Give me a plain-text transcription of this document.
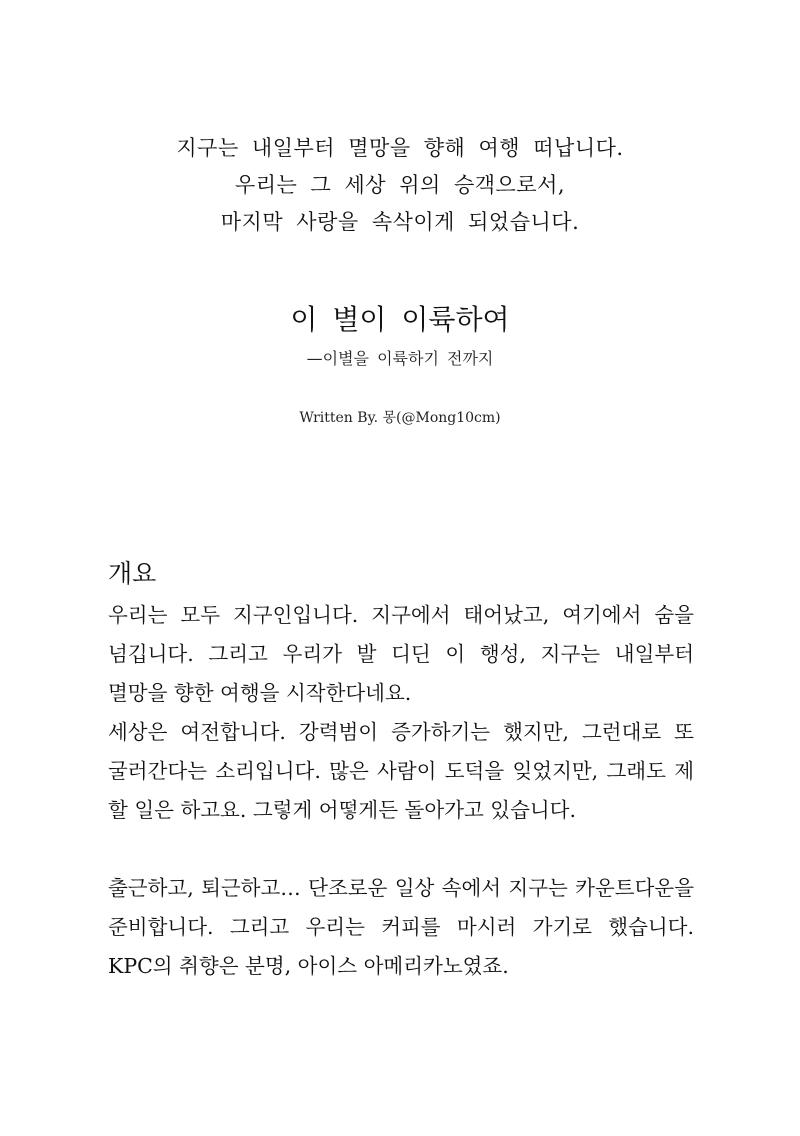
지구는 내일부터 멸망을 향해 여행 떠납니다.
우리는 그 세상 위의 승객으로서,
마지막 사랑을 속삭이게 되었습니다.
이 별이 이륙하여
—이별을 이륙하기 전까지
Written By. 몽(@Mong10cm)
개요

우리는 모두 지구인입니다. 지구에서 태어났고, 여기에서 숨을 넘깁니다. 그리고 우리가 발 디딘 이 행성, 지구는 내일부터 멸망을 향한 여행을 시작한다네요.

세상은 여전합니다. 강력범이 증가하기는 했지만, 그런대로 또 굴러간다는 소리입니다. 많은 사람이 도덕을 잊었지만, 그래도 제 할 일은 하고요. 그렇게 어떻게든 돌아가고 있습니다.

출근하고, 퇴근하고… 단조로운 일상 속에서 지구는 카운트다운을 준비합니다. 그리고 우리는 커피를 마시러 가기로 했습니다. KPC의 취향은 분명, 아이스 아메리카노였죠.
